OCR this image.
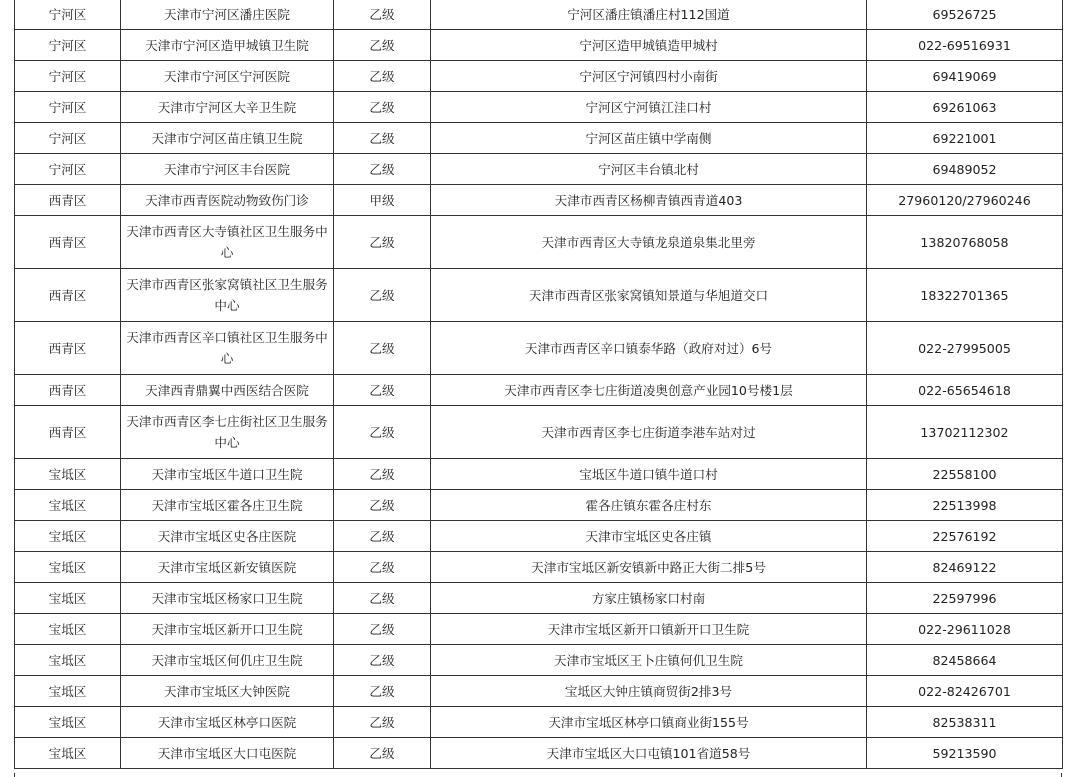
宁河区	天津市宁河区潘庄医院	乙级	宁河区潘庄镇潘庄村112国道	69526725
宁河区	天津市宁河区造甲城镇卫生院	乙级	宁河区造甲城镇造甲城村	022-69516931
宁河区	天津市宁河区宁河医院	乙级	宁河区宁河镇四村小南街	69419069
宁河区	天津市宁河区大辛卫生院	乙级	宁河区宁河镇江洼口村	69261063
宁河区	天津市宁河区苗庄镇卫生院	乙级	宁河区苗庄镇中学南侧	69221001
宁河区	天津市宁河区丰台医院	乙级	宁河区丰台镇北村	69489052
西青区	天津市西青医院动物致伤门诊	甲级	天津市西青区杨柳青镇西青道403	27960120/27960246
西青区	天津市西青区大寺镇社区卫生服务中心	乙级	天津市西青区大寺镇龙泉道泉集北里旁	13820768058
西青区	天津市西青区张家窝镇社区卫生服务中心	乙级	天津市西青区张家窝镇知景道与华旭道交口	18322701365
西青区	天津市西青区辛口镇社区卫生服务中心	乙级	天津市西青区辛口镇泰华路（政府对过）6号	022-27995005
西青区	天津西青鼎翼中西医结合医院	乙级	天津市西青区李七庄街道凌奥创意产业园10号楼1层	022-65654618
西青区	天津市西青区李七庄街社区卫生服务中心	乙级	天津市西青区李七庄街道李港车站对过	13702112302
宝坻区	天津市宝坻区牛道口卫生院	乙级	宝坻区牛道口镇牛道口村	22558100
宝坻区	天津市宝坻区霍各庄卫生院	乙级	霍各庄镇东霍各庄村东	22513998
宝坻区	天津市宝坻区史各庄医院	乙级	天津市宝坻区史各庄镇	22576192
宝坻区	天津市宝坻区新安镇医院	乙级	天津市宝坻区新安镇新中路正大街二排5号	82469122
宝坻区	天津市宝坻区杨家口卫生院	乙级	方家庄镇杨家口村南	22597996
宝坻区	天津市宝坻区新开口卫生院	乙级	天津市宝坻区新开口镇新开口卫生院	022-29611028
宝坻区	天津市宝坻区何仉庄卫生院	乙级	天津市宝坻区王卜庄镇何仉卫生院	82458664
宝坻区	天津市宝坻区大钟医院	乙级	宝坻区大钟庄镇商贸街2排3号	022-82426701
宝坻区	天津市宝坻区林亭口医院	乙级	天津市宝坻区林亭口镇商业街155号	82538311
宝坻区	天津市宝坻区大口屯医院	乙级	天津市宝坻区大口屯镇101省道58号	59213590
